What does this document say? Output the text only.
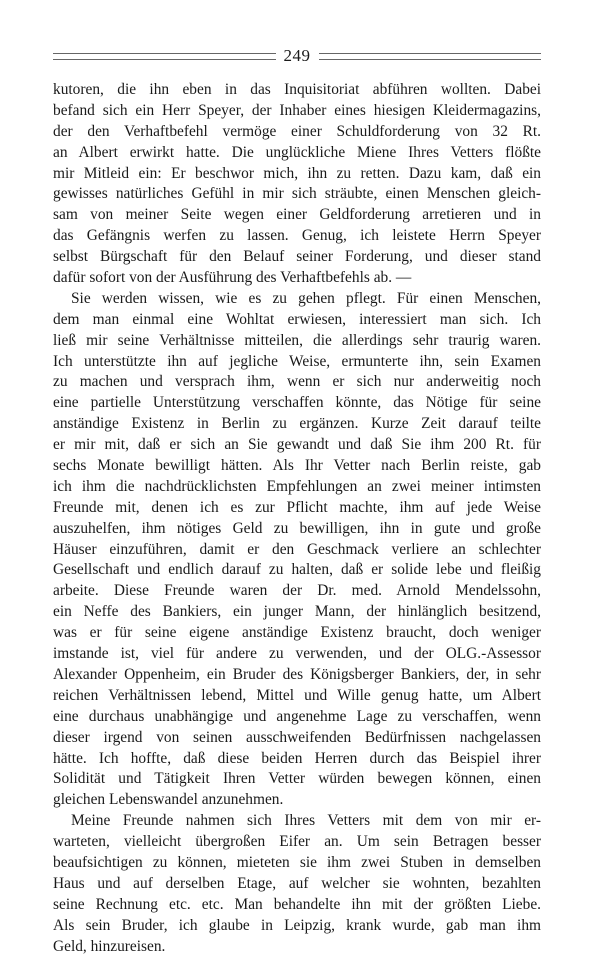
249
kutoren, die ihn eben in das Inquisitoriat abführen wollten. Dabei
befand sich ein Herr Speyer, der Inhaber eines hiesigen Kleidermagazins,
der den Verhaftbefehl vermöge einer Schuldforderung von 32 Rt.
an Albert erwirkt hatte. Die unglückliche Miene Ihres Vetters flößte
mir Mitleid ein: Er beschwor mich, ihn zu retten. Dazu kam, daß ein
gewisses natürliches Gefühl in mir sich sträubte, einen Menschen gleich-
sam von meiner Seite wegen einer Geldforderung arretieren und in
das Gefängnis werfen zu lassen. Genug, ich leistete Herrn Speyer
selbst Bürgschaft für den Belauf seiner Forderung, und dieser stand
dafür sofort von der Ausführung des Verhaftbefehls ab. —
Sie werden wissen, wie es zu gehen pflegt. Für einen Menschen,
dem man einmal eine Wohltat erwiesen, interessiert man sich. Ich
ließ mir seine Verhältnisse mitteilen, die allerdings sehr traurig waren.
Ich unterstützte ihn auf jegliche Weise, ermunterte ihn, sein Examen
zu machen und versprach ihm, wenn er sich nur anderweitig noch
eine partielle Unterstützung verschaffen könnte, das Nötige für seine
anständige Existenz in Berlin zu ergänzen. Kurze Zeit darauf teilte
er mir mit, daß er sich an Sie gewandt und daß Sie ihm 200 Rt. für
sechs Monate bewilligt hätten. Als Ihr Vetter nach Berlin reiste, gab
ich ihm die nachdrücklichsten Empfehlungen an zwei meiner intimsten
Freunde mit, denen ich es zur Pflicht machte, ihm auf jede Weise
auszuhelfen, ihm nötiges Geld zu bewilligen, ihn in gute und große
Häuser einzuführen, damit er den Geschmack verliere an schlechter
Gesellschaft und endlich darauf zu halten, daß er solide lebe und fleißig
arbeite. Diese Freunde waren der Dr. med. Arnold Mendelssohn,
ein Neffe des Bankiers, ein junger Mann, der hinlänglich besitzend,
was er für seine eigene anständige Existenz braucht, doch weniger
imstande ist, viel für andere zu verwenden, und der OLG.-Assessor
Alexander Oppenheim, ein Bruder des Königsberger Bankiers, der, in sehr
reichen Verhältnissen lebend, Mittel und Wille genug hatte, um Albert
eine durchaus unabhängige und angenehme Lage zu verschaffen, wenn
dieser irgend von seinen ausschweifenden Bedürfnissen nachgelassen
hätte. Ich hoffte, daß diese beiden Herren durch das Beispiel ihrer
Solidität und Tätigkeit Ihren Vetter würden bewegen können, einen
gleichen Lebenswandel anzunehmen.
Meine Freunde nahmen sich Ihres Vetters mit dem von mir er-
warteten, vielleicht übergroßen Eifer an. Um sein Betragen besser
beaufsichtigen zu können, mieteten sie ihm zwei Stuben in demselben
Haus und auf derselben Etage, auf welcher sie wohnten, bezahlten
seine Rechnung etc. etc. Man behandelte ihn mit der größten Liebe.
Als sein Bruder, ich glaube in Leipzig, krank wurde, gab man ihm
Geld, hinzureisen.
